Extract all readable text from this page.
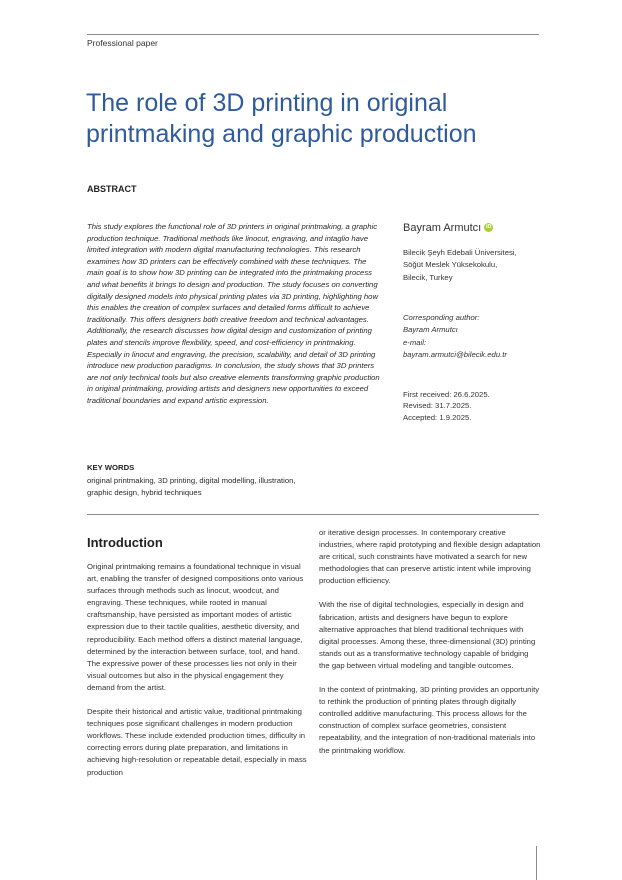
Professional paper
The role of 3D printing in original printmaking and graphic production
ABSTRACT

This study explores the functional role of 3D printers in original printmaking, a graphic production technique. Traditional methods like linocut, engraving, and intaglio have limited integration with modern digital manufacturing technologies. This research examines how 3D printers can be effectively combined with these techniques. The main goal is to show how 3D printing can be integrated into the printmaking process and what benefits it brings to design and production. The study focuses on converting digitally designed models into physical printing plates via 3D printing, highlighting how this enables the creation of complex surfaces and detailed forms difficult to achieve traditionally. This offers designers both creative freedom and technical advantages. Additionally, the research discusses how digital design and customization of printing plates and stencils improve flexibility, speed, and cost-efficiency in printmaking. Especially in linocut and engraving, the precision, scalability, and detail of 3D printing introduce new production paradigms. In conclusion, the study shows that 3D printers are not only technical tools but also creative elements transforming graphic production in original printmaking, providing artists and designers new opportunities to exceed traditional boundaries and expand artistic expression.

KEY WORDS

original printmaking, 3D printing, digital modelling, illustration, graphic design, hybrid techniques

Bayram Armutcı iD
Bilecik Şeyh Edebali Üniversitesi,
Söğüt Meslek Yüksekokulu,
Bilecik, Turkey
Corresponding author:
Bayram Armutcı
e-mail:
bayram.armutci@bilecik.edu.tr
First received: 26.6.2025.
Revised: 31.7.2025.
Accepted: 1.9.2025.
Introduction

Original printmaking remains a foundational technique in visual art, enabling the transfer of designed compositions onto various surfaces through methods such as linocut, woodcut, and engraving. These techniques, while rooted in manual craftsmanship, have persisted as important modes of artistic expression due to their tactile qualities, aesthetic diversity, and reproducibility. Each method offers a distinct material language, determined by the interaction between surface, tool, and hand. The expressive power of these processes lies not only in their visual outcomes but also in the physical engagement they demand from the artist.

Despite their historical and artistic value, traditional printmaking techniques pose significant challenges in modern production workflows. These include extended production times, difficulty in correcting errors during plate preparation, and limitations in achieving high-resolution or repeatable detail, especially in mass production

or iterative design processes. In contemporary creative industries, where rapid prototyping and flexible design adaptation are critical, such constraints have motivated a search for new methodologies that can preserve artistic intent while improving production efficiency.

With the rise of digital technologies, especially in design and fabrication, artists and designers have begun to explore alternative approaches that blend traditional techniques with digital processes. Among these, three-dimensional (3D) printing stands out as a transformative technology capable of bridging the gap between virtual modeling and tangible outcomes.

In the context of printmaking, 3D printing provides an opportunity to rethink the production of printing plates through digitally controlled additive manufacturing. This process allows for the construction of complex surface geometries, consistent repeatability, and the integration of non-traditional materials into the printmaking workflow.
